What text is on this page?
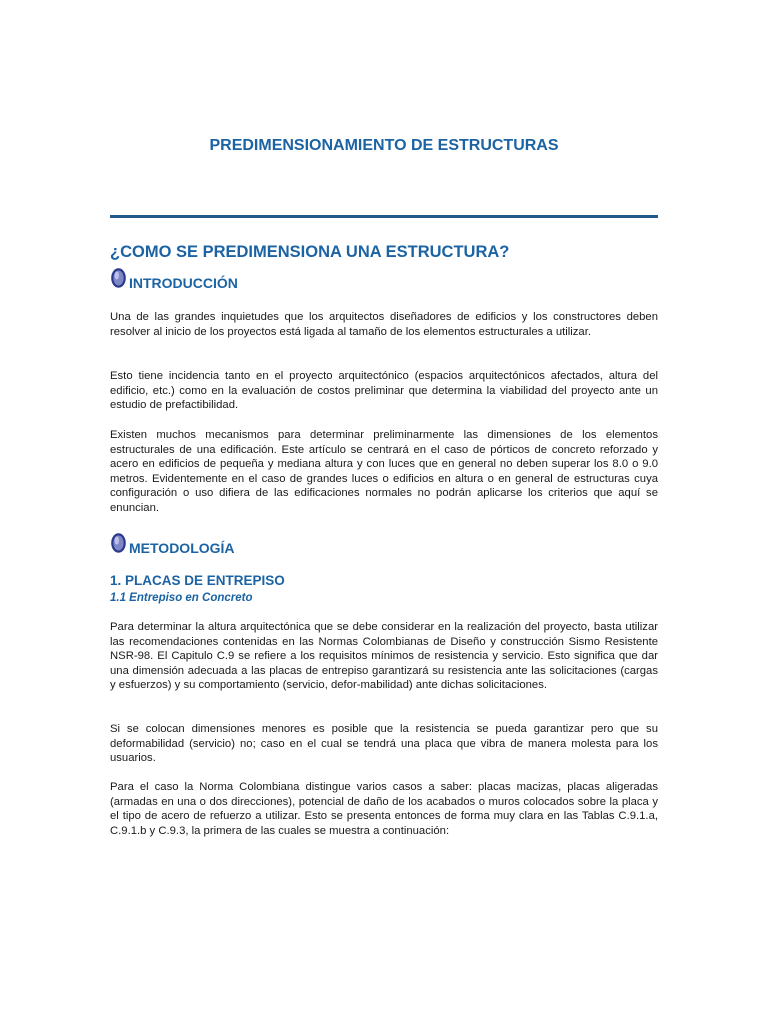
PREDIMENSIONAMIENTO DE ESTRUCTURAS
¿COMO SE PREDIMENSIONA UNA ESTRUCTURA?
INTRODUCCIÓN

Una de las grandes inquietudes que los arquitectos diseñadores de edificios y los constructores deben resolver al inicio de los proyectos está ligada al tamaño de los elementos estructurales a utilizar.

Esto tiene incidencia tanto en el proyecto arquitectónico (espacios arquitectónicos afectados, altura del edificio, etc.) como en la evaluación de costos preliminar que determina la viabilidad del proyecto ante un estudio de prefactibilidad.

Existen muchos mecanismos para determinar preliminarmente las dimensiones de los elementos estructurales de una edificación. Este artículo se centrará en el caso de pórticos de concreto reforzado y acero en edificios de pequeña y mediana altura y con luces que en general no deben superar los 8.0 o 9.0 metros. Evidentemente en el caso de grandes luces o edificios en altura o en general de estructuras cuya configuración o uso difiera de las edificaciones normales no podrán aplicarse los criterios que aquí se enuncian.

METODOLOGÍA
1. PLACAS DE ENTREPISO
1.1 Entrepiso en Concreto

Para determinar la altura arquitectónica que se debe considerar en la realización del proyecto, basta utilizar las recomendaciones contenidas en las Normas Colombianas de Diseño y construcción Sismo Resistente NSR-98. El Capitulo C.9 se refiere a los requisitos mínimos de resistencia y servicio. Esto significa que dar una dimensión adecuada a las placas de entrepiso garantizará su resistencia ante las solicitaciones (cargas y esfuerzos) y su comportamiento (servicio, defor-mabilidad) ante dichas solicitaciones.

Si se colocan dimensiones menores es posible que la resistencia se pueda garantizar pero que su deformabilidad (servicio) no; caso en el cual se tendrá una placa que vibra de manera molesta para los usuarios.

Para el caso la Norma Colombiana distingue varios casos a saber: placas macizas, placas aligeradas (armadas en una o dos direcciones), potencial de daño de los acabados o muros colocados sobre la placa y el tipo de acero de refuerzo a utilizar. Esto se presenta entonces de forma muy clara en las Tablas C.9.1.a, C.9.1.b y C.9.3, la primera de las cuales se muestra a continuación:
